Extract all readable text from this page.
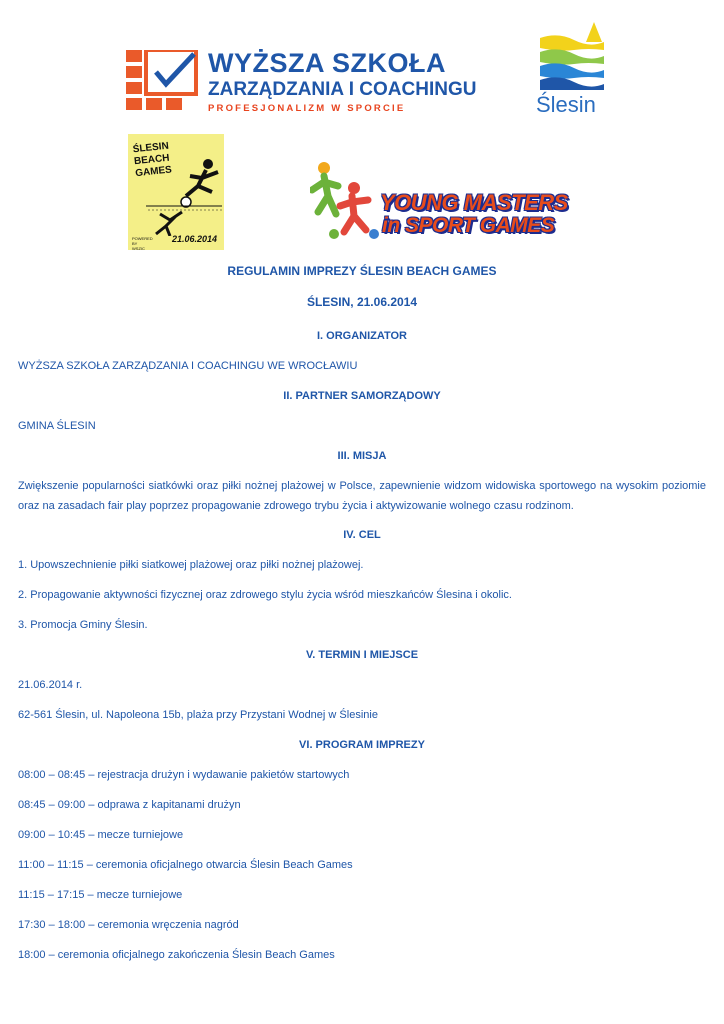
WYŻSZA SZKOŁA
ZARZĄDZANIA I COACHINGU
PROFESJONALIZM W SPORCIE	Ślesin
ŚLESIN BEACH GAMES
POWERED BY WSZIC
21.06.2014
YOUNG MASTERS
in SPORT GAMES
REGULAMIN IMPREZY ŚLESIN BEACH GAMES
ŚLESIN, 21.06.2014
I. ORGANIZATOR
WYŻSZA SZKOŁA ZARZĄDZANIA I COACHINGU WE WROCŁAWIU
II. PARTNER SAMORZĄDOWY
GMINA ŚLESIN
III. MISJA
Zwiększenie popularności siatkówki oraz piłki nożnej plażowej w Polsce, zapewnienie widzom widowiska sportowego na wysokim poziomie oraz na zasadach fair play poprzez propagowanie zdrowego trybu życia i aktywizowanie wolnego czasu rodzinom.
IV. CEL
1. Upowszechnienie piłki siatkowej plażowej oraz piłki nożnej plażowej.
2. Propagowanie aktywności fizycznej oraz zdrowego stylu życia wśród mieszkańców Ślesina i okolic.
3. Promocja Gminy Ślesin.
V. TERMIN I MIEJSCE
21.06.2014 r.
62-561 Ślesin, ul. Napoleona 15b, plaża przy Przystani Wodnej w Ślesinie
VI. PROGRAM IMPREZY
08:00 – 08:45 – rejestracja drużyn i wydawanie pakietów startowych
08:45 – 09:00 – odprawa z kapitanami drużyn
09:00 – 10:45 – mecze turniejowe
11:00 – 11:15 – ceremonia oficjalnego otwarcia Ślesin Beach Games
11:15 – 17:15 – mecze turniejowe
17:30 – 18:00 – ceremonia wręczenia nagród
18:00 – ceremonia oficjalnego zakończenia Ślesin Beach Games
